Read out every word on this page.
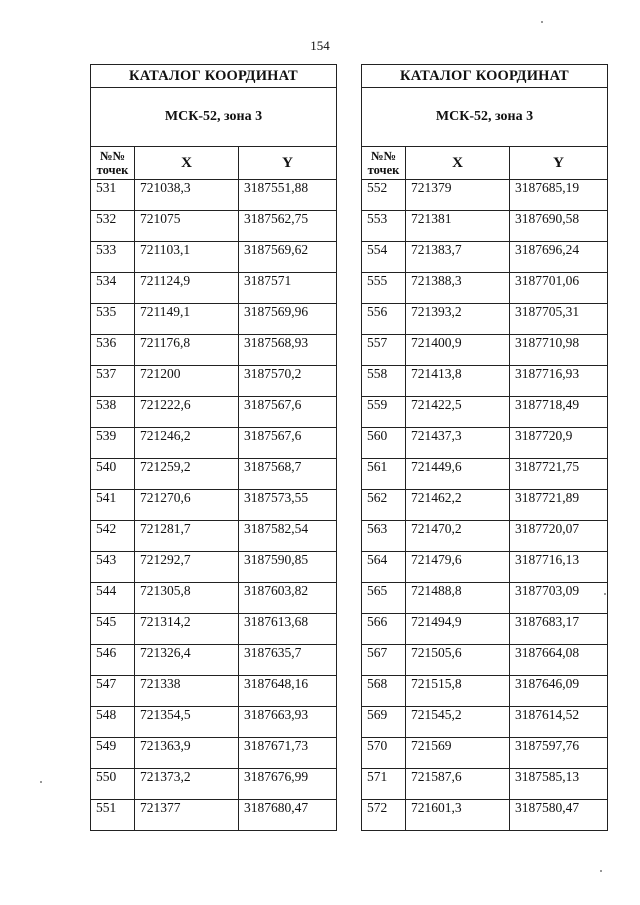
154
КАТАЛОГ КООРДИНАТ		
МСК-52, зона 3		

№№
точек	X	Y

531	721038,3	3187551,88

532	721075	3187562,75

533	721103,1	3187569,62

534	721124,9	3187571

535	721149,1	3187569,96

536	721176,8	3187568,93

537	721200	3187570,2

538	721222,6	3187567,6

539	721246,2	3187567,6

540	721259,2	3187568,7

541	721270,6	3187573,55

542	721281,7	3187582,54

543	721292,7	3187590,85

544	721305,8	3187603,82

545	721314,2	3187613,68

546	721326,4	3187635,7

547	721338	3187648,16

548	721354,5	3187663,93

549	721363,9	3187671,73

550	721373,2	3187676,99

551	721377	3187680,47
КАТАЛОГ КООРДИНАТ		
МСК-52, зона 3		

№№
точек	X	Y

552	721379	3187685,19

553	721381	3187690,58

554	721383,7	3187696,24

555	721388,3	3187701,06

556	721393,2	3187705,31

557	721400,9	3187710,98

558	721413,8	3187716,93

559	721422,5	3187718,49

560	721437,3	3187720,9

561	721449,6	3187721,75

562	721462,2	3187721,89

563	721470,2	3187720,07

564	721479,6	3187716,13

565	721488,8	3187703,09

566	721494,9	3187683,17

567	721505,6	3187664,08

568	721515,8	3187646,09

569	721545,2	3187614,52

570	721569	3187597,76

571	721587,6	3187585,13

572	721601,3	3187580,47
